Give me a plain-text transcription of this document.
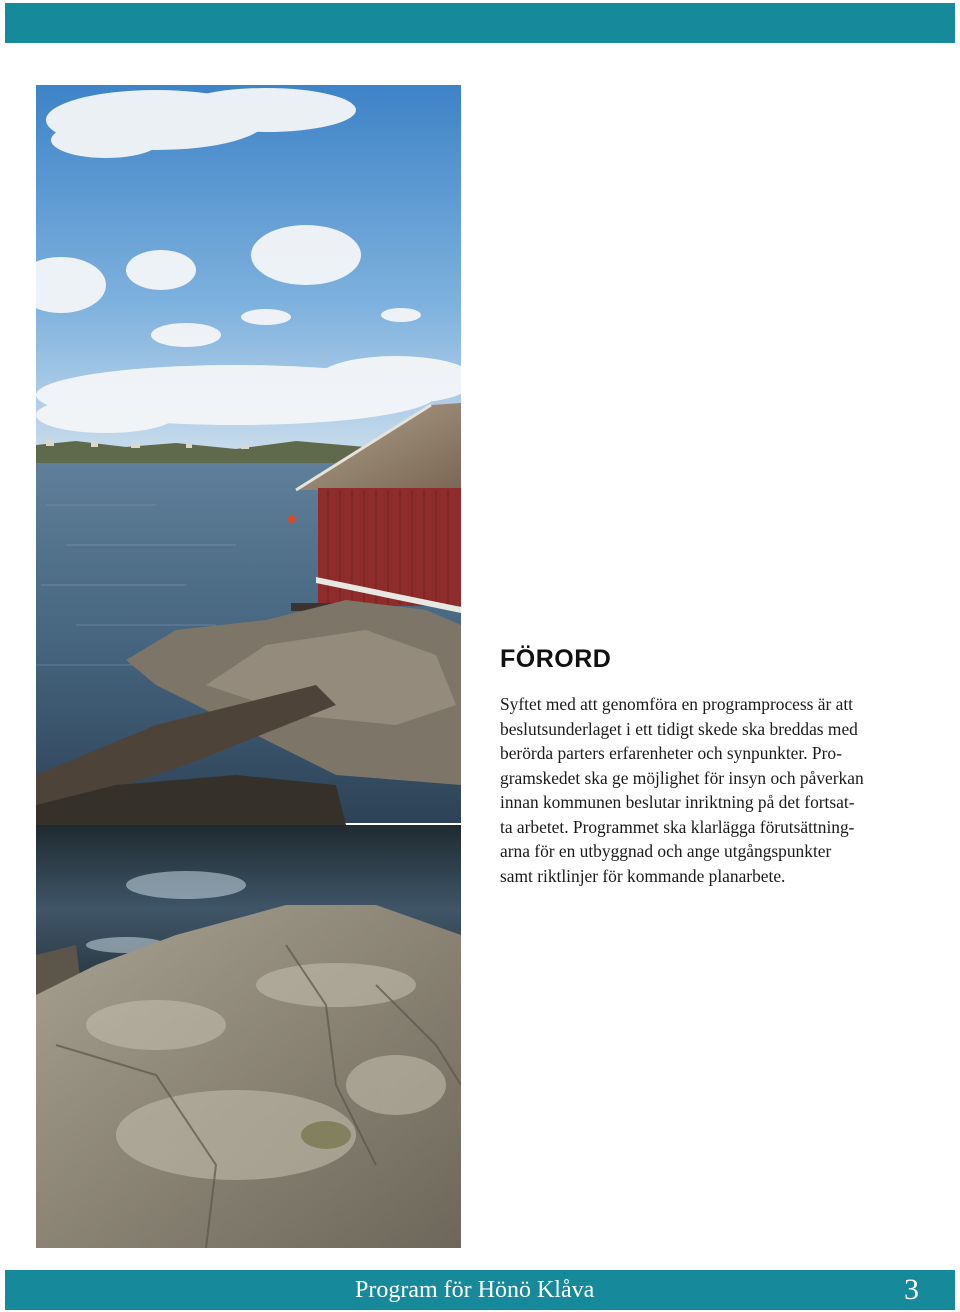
FÖRORD

Syftet med att genomföra en programprocess är att
beslutsunderlaget i ett tidigt skede ska breddas med
berörda parters erfarenheter och synpunkter. Pro-
gramskedet ska ge möjlighet för insyn och påverkan
innan kommunen beslutar inriktning på det fortsat-
ta arbetet. Programmet ska klarlägga förutsättning-
arna för en utbyggnad och ange utgångspunkter
samt riktlinjer för kommande planarbete.

Program för Hönö Klåva	3
